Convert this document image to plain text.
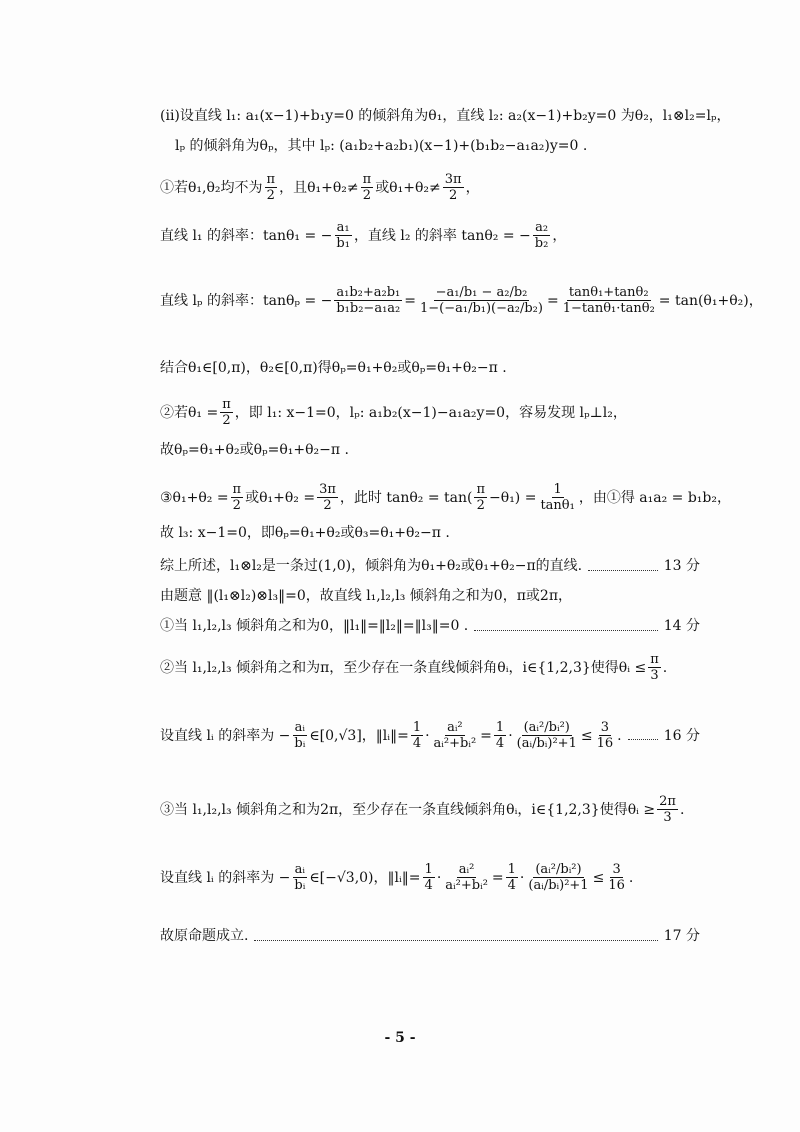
(ii)设直线 l₁: a₁(x−1)+b₁y=0 的倾斜角为θ₁，直线 l₂: a₂(x−1)+b₂y=0 为θ₂，l₁⊗l₂=lₚ，
lₚ 的倾斜角为θₚ，其中 lₚ: (a₁b₂+a₂b₁)(x−1)+(b₁b₂−a₁a₂)y=0 .
①若θ₁,θ₂均不为 $\frac{\pi}{2}$ ，且$\theta_1+\theta_2\ne \frac{\pi}{2}$ 或$\theta_1+\theta_2\ne \frac{3\pi}{2}$ ，
直线 l₁ 的斜率：tanθ₁ = − $\frac{\text{a₁}}{\text{b₁}}$ ，直线 l₂ 的斜率 tanθ₂ = − $\frac{\text{a₂}}{\text{b₂}}$ ，
直线 lₚ 的斜率：tanθₚ = − $\frac{\text{a₁b₂+a₂b₁}}{\text{b₁b₂−a₁a₂}} = \frac{\text{−a₁/b₁ − a₂/b₂}}{\text{1−(−a₁/b₁)(−a₂/b₂)}} = \frac{\text{tanθ₁+tanθ₂}}{\text{1−tanθ₁·tanθ₂}} = \tan(\theta_1+\theta_2)$，
结合θ₁∈[0,π)，θ₂∈[0,π)得θₚ=θ₁+θ₂或θₚ=θ₁+θ₂−π .
②若$\theta_1 = \frac{\pi}{2}$ ，即 l₁: x−1=0，lₚ: a₁b₂(x−1)−a₁a₂y=0，容易发现 lₚ⊥l₂，
故θₚ=θ₁+θ₂或θₚ=θ₁+θ₂−π .
③θ₁+θ₂ = $\frac{\pi}{2}$ 或$\theta_1+\theta_2 = \frac{3\pi}{2}$ ，此时 $\tan\theta_2 = \tan( \frac{\pi}{2} -\theta_1) = \frac{1}{\text{tanθ₁}}$ ，由①得 a₁a₂ = b₁b₂，
故 l₃: x−1=0，即θₚ=θ₁+θ₂或θ₃=θ₁+θ₂−π .
综上所述，l₁⊗l₂是一条过(1,0)，倾斜角为θ₁+θ₂或θ₁+θ₂−π的直线.	13 分
由题意 ‖(l₁⊗l₂)⊗l₃‖=0，故直线 l₁,l₂,l₃ 倾斜角之和为0，π或2π，
①当 l₁,l₂,l₃ 倾斜角之和为0，‖l₁‖=‖l₂‖=‖l₃‖=0 .	14 分
②当 l₁,l₂,l₃ 倾斜角之和为π，至少存在一条直线倾斜角θᵢ，i∈{1,2,3}使得θᵢ ≤ $\frac{\pi}{3}$ .
设直线 lᵢ 的斜率为 − $\frac{\text{aᵢ}}{\text{bᵢ}}$ ∈[0,√3]，‖lᵢ‖= $\frac{1}{4} \cdot \frac{\text{aᵢ²}}{\text{aᵢ²+bᵢ²}} = \frac{1}{4} \cdot \frac{\text{(aᵢ²/bᵢ²)}}{\text{(aᵢ/bᵢ)²+1}} \le \frac{3}{16}$ .	16 分
③当 l₁,l₂,l₃ 倾斜角之和为2π，至少存在一条直线倾斜角θᵢ，i∈{1,2,3}使得θᵢ ≥ $\frac{2\pi}{3}$ .
设直线 lᵢ 的斜率为 − $\frac{\text{aᵢ}}{\text{bᵢ}}$ ∈[−√3,0)，‖lᵢ‖= $\frac{1}{4} \cdot \frac{\text{aᵢ²}}{\text{aᵢ²+bᵢ²}} = \frac{1}{4} \cdot \frac{\text{(aᵢ²/bᵢ²)}}{\text{(aᵢ/bᵢ)²+1}} \le \frac{3}{16}$ .
故原命题成立.	17 分
- 5 -
